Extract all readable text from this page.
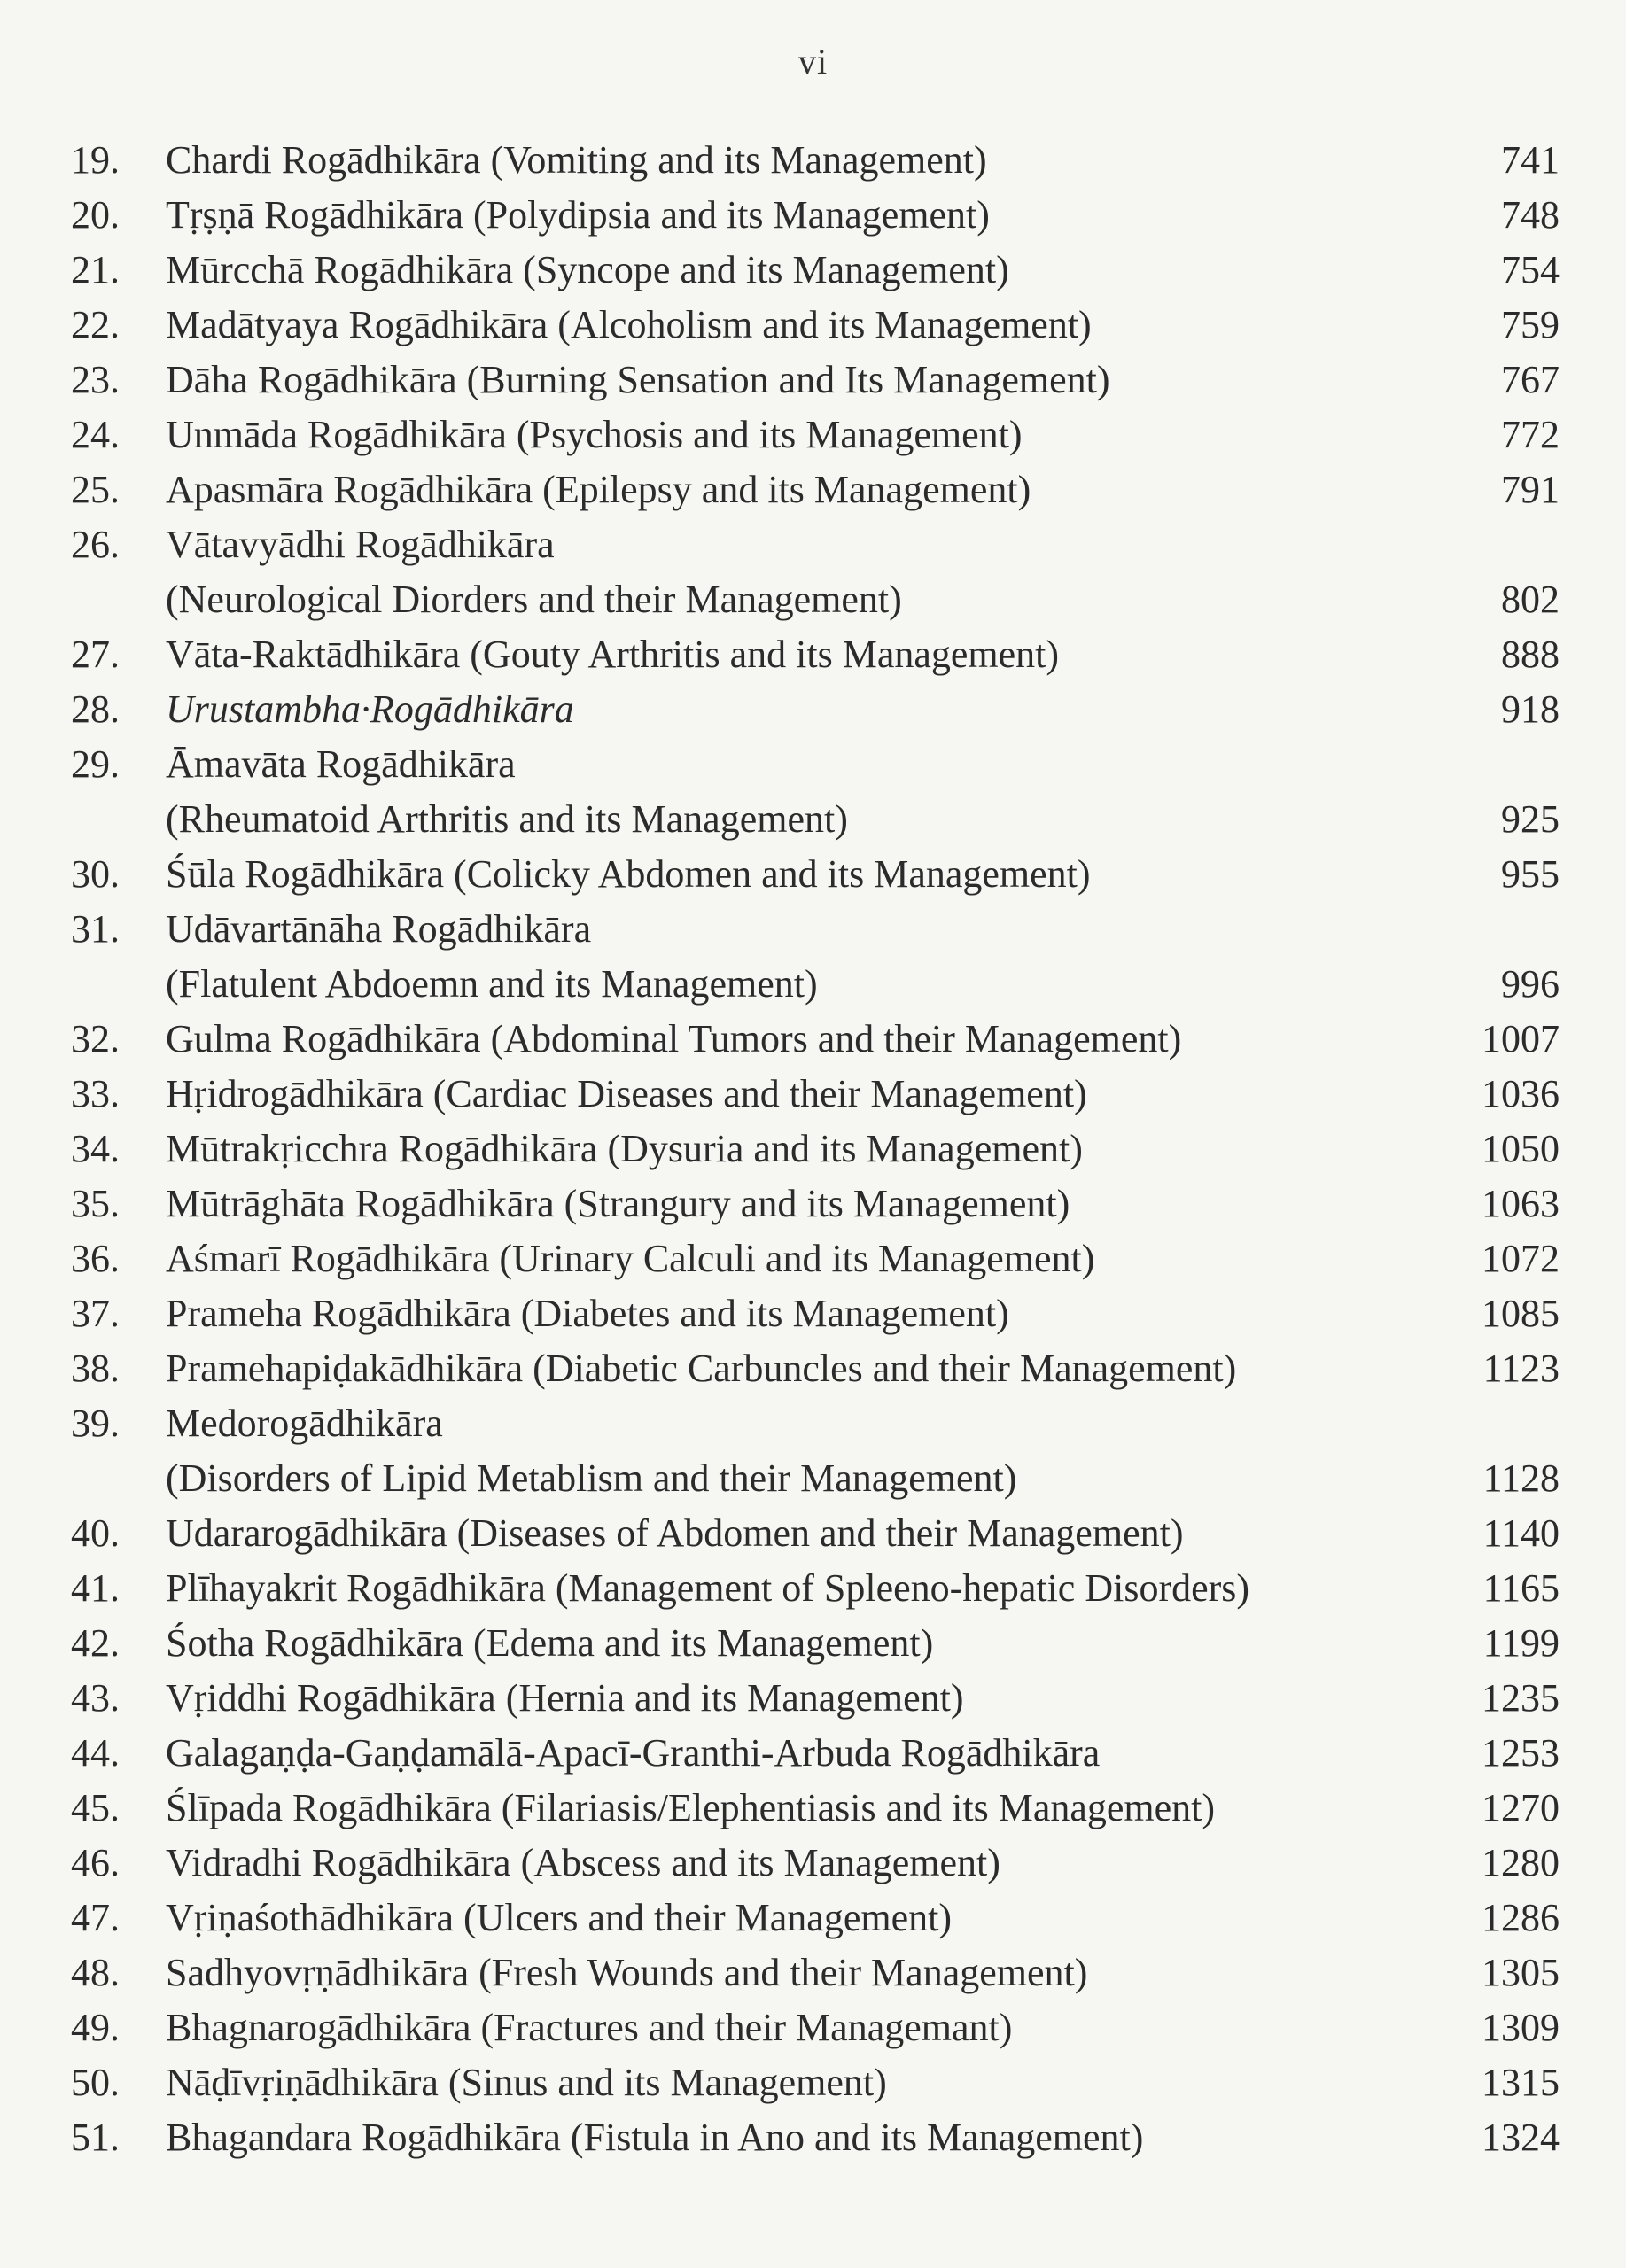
vi
19.	Chardi Rogādhikāra (Vomiting and its Management)	741
20.	Tṛṣṇā Rogādhikāra (Polydipsia and its Management)	748
21.	Mūrcchā Rogādhikāra (Syncope and its Management)	754
22.	Madātyaya Rogādhikāra (Alcoholism and its Management)	759
23.	Dāha Rogādhikāra (Burning Sensation and Its Management)	767
24.	Unmāda Rogādhikāra (Psychosis and its Management)	772
25.	Apasmāra Rogādhikāra (Epilepsy and its Management)	791
26.	Vātavyādhi Rogādhikāra
(Neurological Diorders and their Management)	802
27.	Vāta-Raktādhikāra (Gouty Arthritis and its Management)	888
28.	Urustambha·Rogādhikāra	918
29.	Āmavāta Rogādhikāra
(Rheumatoid Arthritis and its Management)	925
30.	Śūla Rogādhikāra (Colicky Abdomen and its Management)	955
31.	Udāvartānāha Rogādhikāra
(Flatulent Abdoemn and its Management)	996
32.	Gulma Rogādhikāra (Abdominal Tumors and their Management)	1007
33.	Hṛidrogādhikāra (Cardiac Diseases and their Management)	1036
34.	Mūtrakṛicchra Rogādhikāra (Dysuria and its Management)	1050
35.	Mūtrāghāta Rogādhikāra (Strangury and its Management)	1063
36.	Aśmarī Rogādhikāra (Urinary Calculi and its Management)	1072
37.	Prameha Rogādhikāra (Diabetes and its Management)	1085
38.	Pramehapiḍakādhikāra (Diabetic Carbuncles and their Management)	1123
39.	Medorogādhikāra
(Disorders of Lipid Metablism and their Management)	1128
40.	Udararogādhikāra (Diseases of Abdomen and their Management)	1140
41.	Plīhayakrit Rogādhikāra (Management of Spleeno-hepatic Disorders)	1165
42.	Śotha Rogādhikāra (Edema and its Management)	1199
43.	Vṛiddhi Rogādhikāra (Hernia and its Management)	1235
44.	Galagaṇḍa-Gaṇḍamālā-Apacī-Granthi-Arbuda Rogādhikāra	1253
45.	Ślīpada Rogādhikāra (Filariasis/Elephentiasis and its Management)	1270
46.	Vidradhi Rogādhikāra (Abscess and its Management)	1280
47.	Vṛiṇaśothādhikāra (Ulcers and their Management)	1286
48.	Sadhyovṛṇādhikāra (Fresh Wounds and their Management)	1305
49.	Bhagnarogādhikāra (Fractures and their Managemant)	1309
50.	Nāḍīvṛiṇādhikāra (Sinus and its Management)	1315
51.	Bhagandara Rogādhikāra (Fistula in Ano and its Management)	1324
